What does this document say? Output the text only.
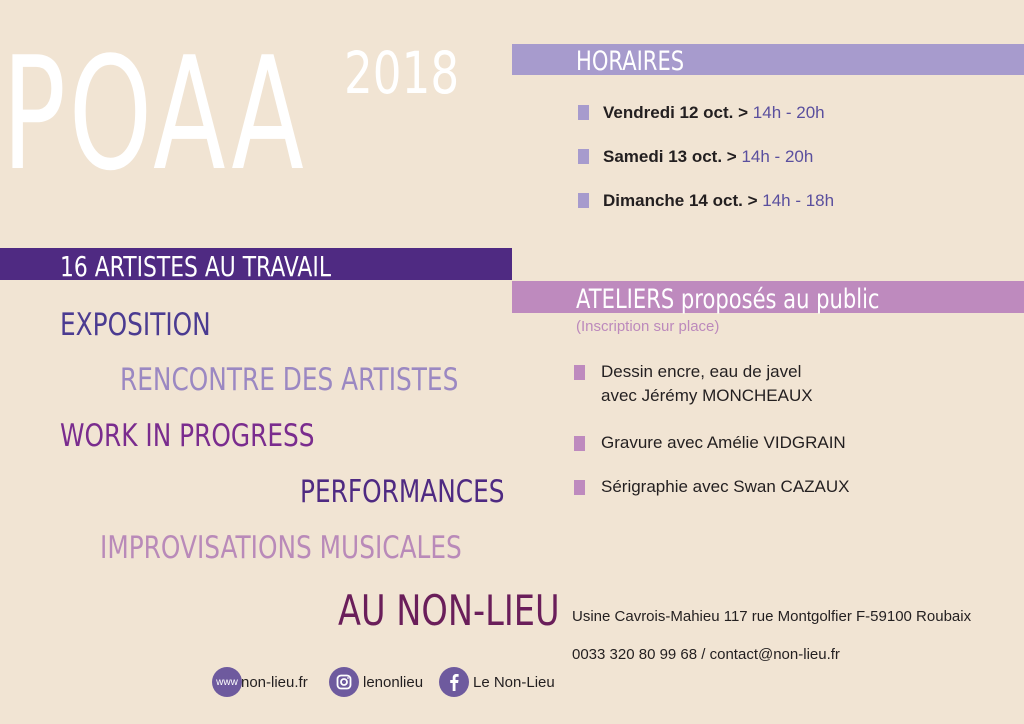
POAA 2018	HORAIRES
16 ARTISTES AU TRAVAIL
ATELIERS proposés au public
(Inscription sur place)
Vendredi 12 oct. > 14h - 20h
Samedi 13 oct. > 14h - 20h
Dimanche 14 oct. > 14h - 18h
EXPOSITION
RENCONTRE DES ARTISTES
WORK IN PROGRESS
PERFORMANCES
IMPROVISATIONS MUSICALES
AU NON-LIEU
Dessin encre, eau de javel
avec Jérémy MONCHEAUX
Gravure avec Amélie VIDGRAIN
Sérigraphie avec Swan CAZAUX
Usine Cavrois-Mahieu 117 rue Montgolfier F-59100 Roubaix
0033 320 80 99 68 / contact@non-lieu.fr
www non-lieu.fr	lenonlieu	Le Non-Lieu
